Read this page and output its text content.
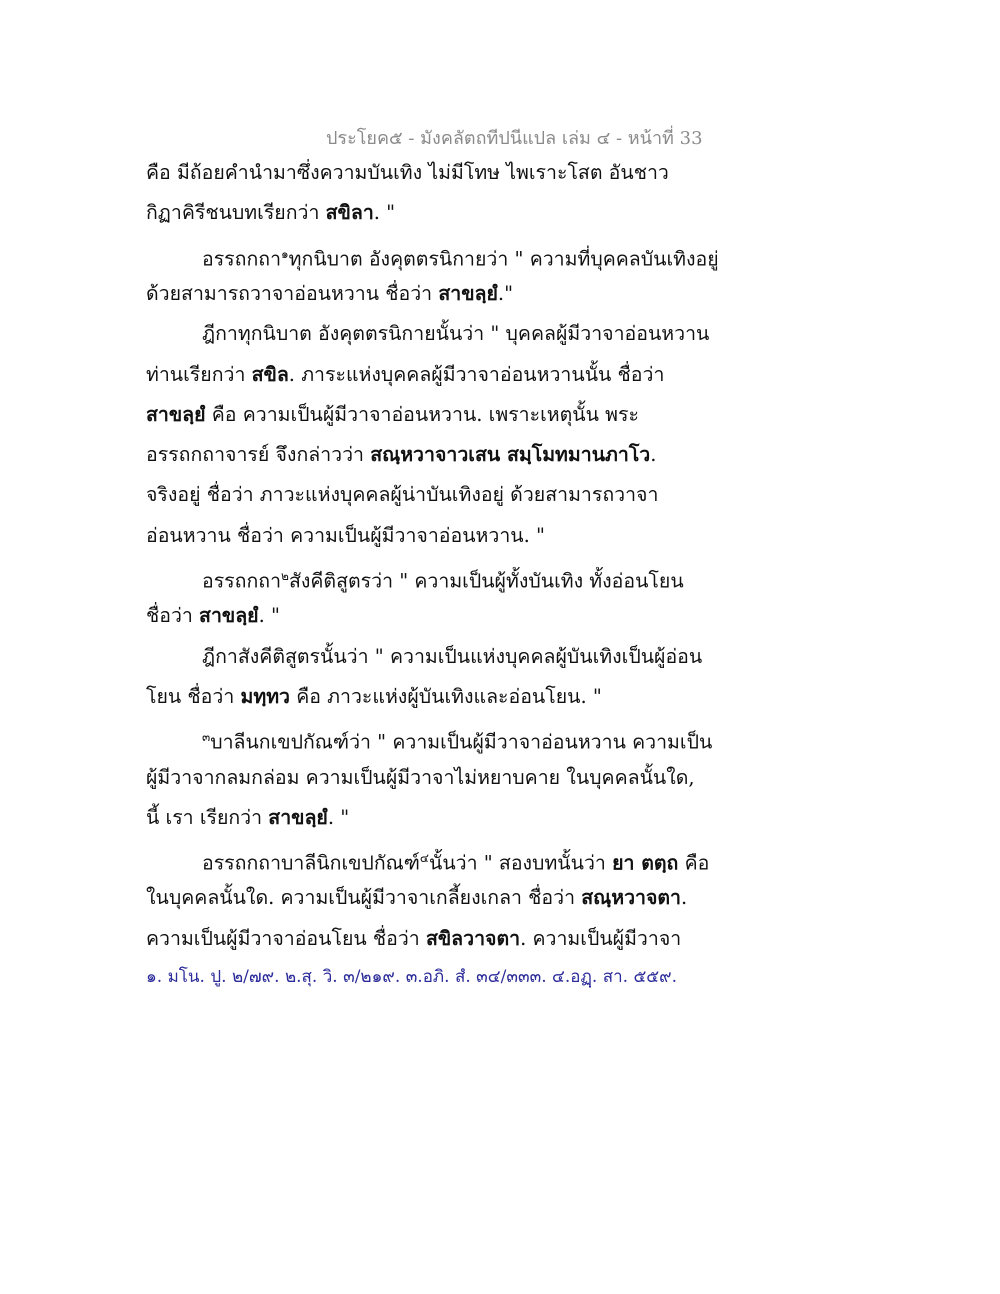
ประโยค๕ - มังคลัตถทีปนีแปล เล่ม ๔ - หน้าที่ 33
คือ มีถ้อยคำนำมาซึ่งความบันเทิง ไม่มีโทษ ไพเราะโสต อันชาว
กิฏาคิรีชนบทเรียกว่า สขิลา. "
อรรถกถา$^๑$ทุกนิบาต อังคุตตรนิกายว่า " ความที่บุคคลบันเทิงอยู่
ด้วยสามารถวาจาอ่อนหวาน ชื่อว่า สาขลฺยํ."
ฎีกาทุกนิบาต อังคุตตรนิกายนั้นว่า " บุคคลผู้มีวาจาอ่อนหวาน
ท่านเรียกว่า สขิล. ภาระแห่งบุคคลผู้มีวาจาอ่อนหวานนั้น ชื่อว่า
สาขลฺยํ คือ ความเป็นผู้มีวาจาอ่อนหวาน. เพราะเหตุนั้น พระ
อรรถกถาจารย์ จึงกล่าวว่า สณฺหวาจาวเสน สมฺโมทมานภาโว.
จริงอยู่ ชื่อว่า ภาวะแห่งบุคคลผู้น่าบันเทิงอยู่ ด้วยสามารถวาจา
อ่อนหวาน ชื่อว่า ความเป็นผู้มีวาจาอ่อนหวาน. "
อรรถกถา$^๒$สังคีติสูตรว่า " ความเป็นผู้ทั้งบันเทิง ทั้งอ่อนโยน
ชื่อว่า สาขลฺยํ. "
ฎีกาสังคีติสูตรนั้นว่า " ความเป็นแห่งบุคคลผู้บันเทิงเป็นผู้อ่อน
โยน ชื่อว่า มทฺทว คือ ภาวะแห่งผู้บันเทิงและอ่อนโยน. "
$^๓$บาลีนกเขปกัณฑ์ว่า " ความเป็นผู้มีวาจาอ่อนหวาน ความเป็น
ผู้มีวาจากลมกล่อม ความเป็นผู้มีวาจาไม่หยาบคาย ในบุคคลนั้นใด,
นี้ เรา เรียกว่า สาขลฺยํ. "
อรรถกถาบาลีนิกเขปกัณฑ์$^๔$นั้นว่า " สองบทนั้นว่า ยา ตตฺถ คือ
ในบุคคลนั้นใด. ความเป็นผู้มีวาจาเกลี้ยงเกลา ชื่อว่า สณฺหวาจตา.
ความเป็นผู้มีวาจาอ่อนโยน ชื่อว่า สขิลวาจตา. ความเป็นผู้มีวาจา
๑. มโน. ปู. ๒/๗๙. ๒.สุ. วิ. ๓/๒๑๙. ๓.อภิ. สํ. ๓๔/๓๓๓. ๔.อฏฺ. สา. ๕๕๙.
